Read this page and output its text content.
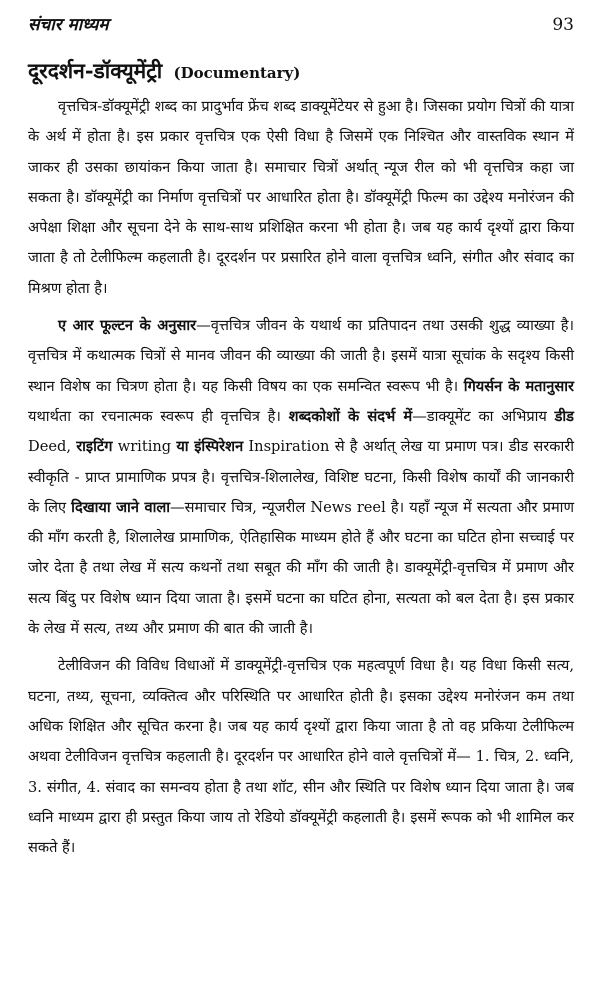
संचार माध्यम	93
दूरदर्शन-डॉक्यूमेंट्री (Documentary)

वृत्तचित्र-डॉक्यूमेंट्री शब्द का प्रादुर्भाव फ्रेंच शब्द डाक्यूमेंटेयर से हुआ है। जिसका प्रयोग चित्रों की यात्रा के अर्थ में होता है। इस प्रकार वृत्तचित्र एक ऐसी विधा है जिसमें एक निश्चित और वास्तविक स्थान में जाकर ही उसका छायांकन किया जाता है। समाचार चित्रों अर्थात् न्यूज रील को भी वृत्तचित्र कहा जा सकता है। डॉक्यूमेंट्री का निर्माण वृत्तचित्रों पर आधारित होता है। डॉक्यूमेंट्री फिल्म का उद्देश्य मनोरंजन की अपेक्षा शिक्षा और सूचना देने के साथ-साथ प्रशिक्षित करना भी होता है। जब यह कार्य दृश्यों द्वारा किया जाता है तो टेलीफिल्म कहलाती है। दूरदर्शन पर प्रसारित होने वाला वृत्तचित्र ध्वनि, संगीत और संवाद का मिश्रण होता है।

ए आर फूल्टन के अनुसार—वृत्तचित्र जीवन के यथार्थ का प्रतिपादन तथा उसकी शुद्ध व्याख्या है। वृत्तचित्र में कथात्मक चित्रों से मानव जीवन की व्याख्या की जाती है। इसमें यात्रा सूचांक के सदृश्य किसी स्थान विशेष का चित्रण होता है। यह किसी विषय का एक समन्वित स्वरूप भी है। गियर्सन के मतानुसार यथार्थता का रचनात्मक स्वरूप ही वृत्तचित्र है। शब्दकोशों के संदर्भ में—डाक्यूमेंट का अभिप्राय डीड Deed, राइटिंग writing या इंस्पिरेशन Inspiration से है अर्थात् लेख या प्रमाण पत्र। डीड सरकारी स्वीकृति - प्राप्त प्रामाणिक प्रपत्र है। वृत्तचित्र-शिलालेख, विशिष्ट घटना, किसी विशेष कार्यों की जानकारी के लिए दिखाया जाने वाला—समाचार चित्र, न्यूजरील News reel है। यहाँ न्यूज में सत्यता और प्रमाण की माँग करती है, शिलालेख प्रामाणिक, ऐतिहासिक माध्यम होते हैं और घटना का घटित होना सच्चाई पर जोर देता है तथा लेख में सत्य कथनों तथा सबूत की माँग की जाती है। डाक्यूमेंट्री-वृत्तचित्र में प्रमाण और सत्य बिंदु पर विशेष ध्यान दिया जाता है। इसमें घटना का घटित होना, सत्यता को बल देता है। इस प्रकार के लेख में सत्य, तथ्य और प्रमाण की बात की जाती है।

टेलीविजन की विविध विधाओं में डाक्यूमेंट्री-वृत्तचित्र एक महत्वपूर्ण विधा है। यह विधा किसी सत्य, घटना, तथ्य, सूचना, व्यक्तित्व और परिस्थिति पर आधारित होती है। इसका उद्देश्य मनोरंजन कम तथा अधिक शिक्षित और सूचित करना है। जब यह कार्य दृश्यों द्वारा किया जाता है तो वह प्रकिया टेलीफिल्म अथवा टेलीविजन वृत्तचित्र कहलाती है। दूरदर्शन पर आधारित होने वाले वृत्तचित्रों में— 1. चित्र, 2. ध्वनि, 3. संगीत, 4. संवाद का समन्वय होता है तथा शॉट, सीन और स्थिति पर विशेष ध्यान दिया जाता है। जब ध्वनि माध्यम द्वारा ही प्रस्तुत किया जाय तो रेडियो डॉक्यूमेंट्री कहलाती है। इसमें रूपक को भी शामिल कर सकते हैं।
